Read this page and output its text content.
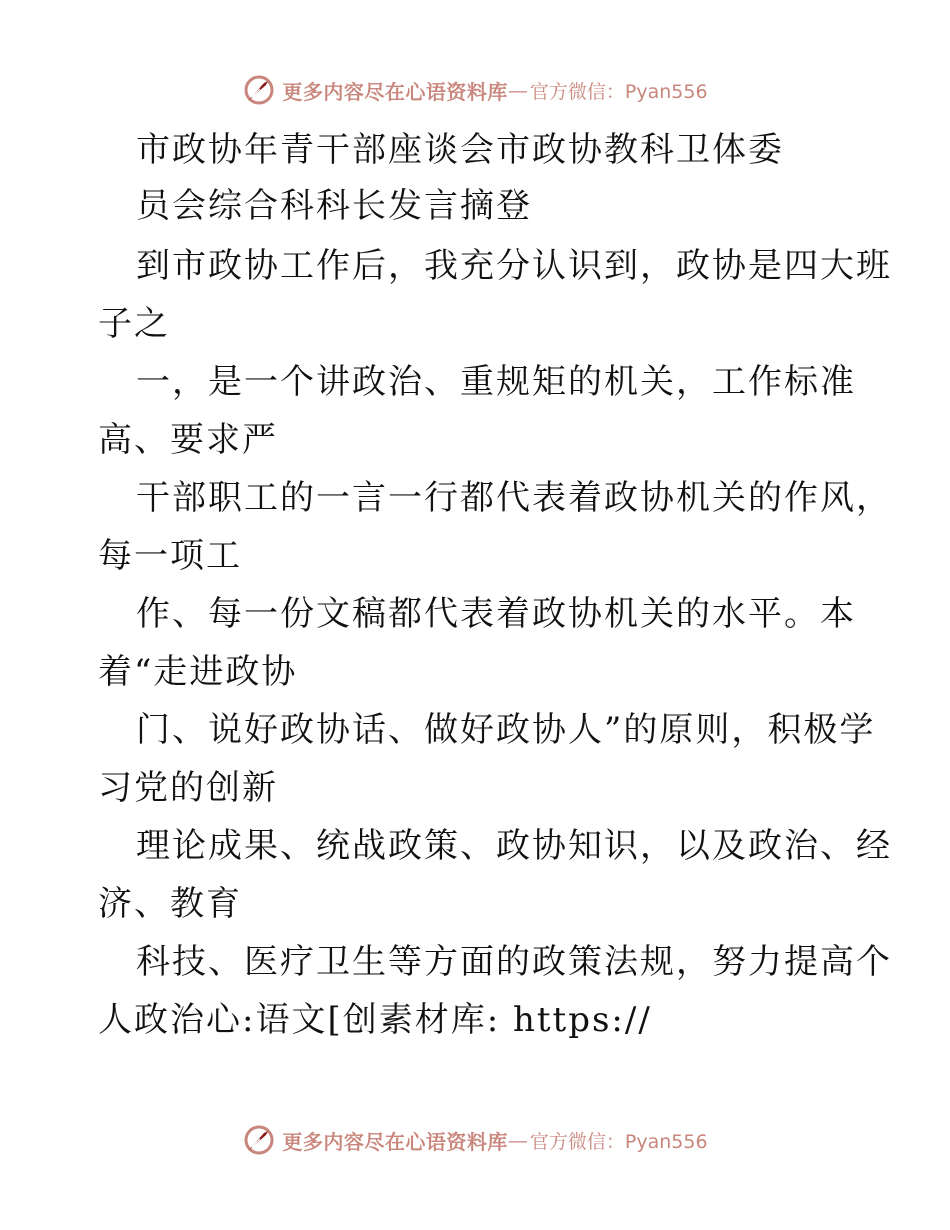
更多内容尽在心语资料库 — 官方微信：Pyan556
市政协年青干部座谈会市政协教科卫体委
员会综合科科长发言摘登
到市政协工作后，我充分认识到，政协是四大班
子之
一，是一个讲政治、重规矩的机关，工作标准
高、要求严
干部职工的一言一行都代表着政协机关的作风，
每一项工
作、每一份文稿都代表着政协机关的水平。本
着“走进政协
门、说好政协话、做好政协人”的原则，积极学
习党的创新
理论成果、统战政策、政协知识，以及政治、经
济、教育
科技、医疗卫生等方面的政策法规，努力提高个
人政治心:语文[创素材库: https://
更多内容尽在心语资料库 — 官方微信：Pyan556
